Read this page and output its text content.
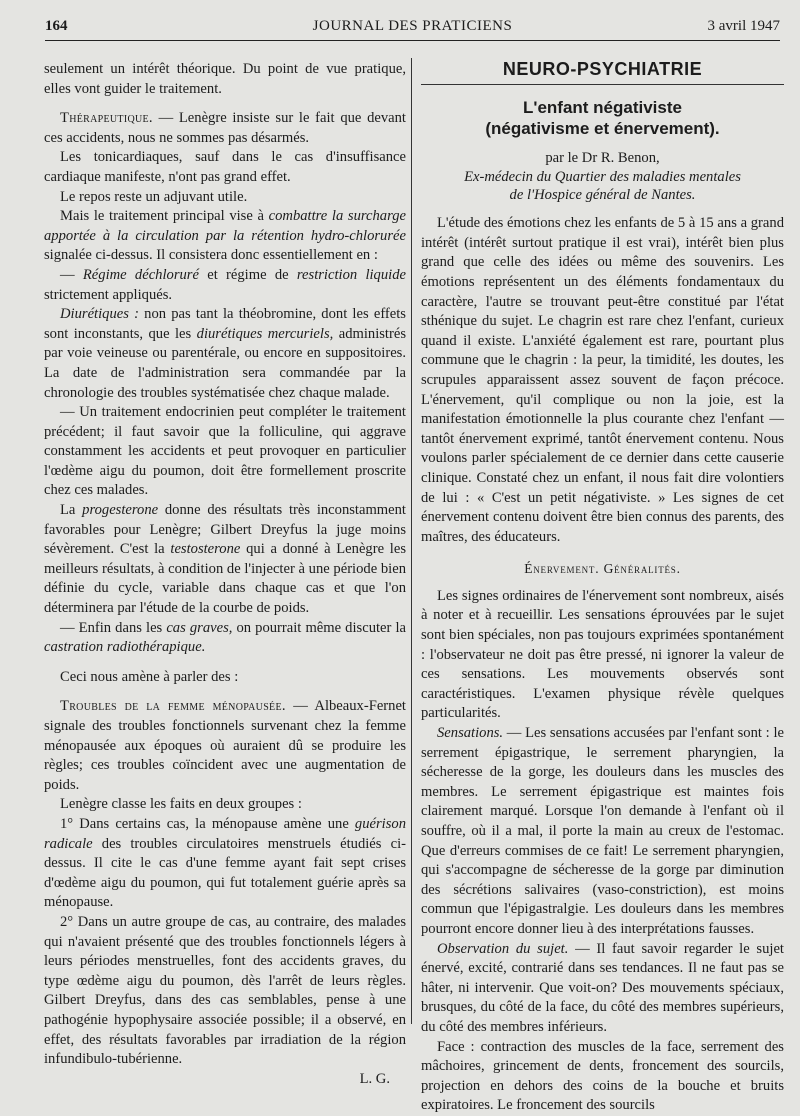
164	JOURNAL DES PRATICIENS	3 avril 1947

seulement un intérêt théorique. Du point de vue pratique, elles vont guider le traitement.

Thérapeutique. — Lenègre insiste sur le fait que devant ces accidents, nous ne sommes pas désarmés.

Les tonicardiaques, sauf dans le cas d'insuffisance cardiaque manifeste, n'ont pas grand effet.

Le repos reste un adjuvant utile.

Mais le traitement principal vise à combattre la surcharge apportée à la circulation par la rétention hydro-chlorurée signalée ci-dessus. Il consistera donc essentiellement en :

— Régime déchloruré et régime de restriction liquide strictement appliqués.

Diurétiques : non pas tant la théobromine, dont les effets sont inconstants, que les diurétiques mercuriels, administrés par voie veineuse ou parentérale, ou encore en suppositoires. La date de l'administration sera commandée par la chronologie des troubles systématisée chez chaque malade.

— Un traitement endocrinien peut compléter le traitement précédent; il faut savoir que la folliculine, qui aggrave constamment les accidents et peut provoquer en particulier l'œdème aigu du poumon, doit être formellement proscrite chez ces malades.

La progesterone donne des résultats très inconstamment favorables pour Lenègre; Gilbert Dreyfus la juge moins sévèrement. C'est la testosterone qui a donné à Lenègre les meilleurs résultats, à condition de l'injecter à une période bien définie du cycle, variable dans chaque cas et que l'on déterminera par l'étude de la courbe de poids.

— Enfin dans les cas graves, on pourrait même discuter la castration radiothérapique.

Ceci nous amène à parler des :

Troubles de la femme ménopausée. — Albeaux-Fernet signale des troubles fonctionnels survenant chez la femme ménopausée aux époques où auraient dû se produire les règles; ces troubles coïncident avec une augmentation de poids.

Lenègre classe les faits en deux groupes :

1° Dans certains cas, la ménopause amène une guérison radicale des troubles circulatoires menstruels étudiés ci-dessus. Il cite le cas d'une femme ayant fait sept crises d'œdème aigu du poumon, qui fut totalement guérie après sa ménopause.

2° Dans un autre groupe de cas, au contraire, des malades qui n'avaient présenté que des troubles fonctionnels légers à leurs périodes menstruelles, font des accidents graves, du type œdème aigu du poumon, dès l'arrêt de leurs règles. Gilbert Dreyfus, dans des cas semblables, pense à une pathogénie hypophysaire associée possible; il a observé, en effet, des résultats favorables par irradiation de la région infundibulo-tubérienne.

L. G.

NEURO-PSYCHIATRIE
L'enfant négativiste
(négativisme et énervement).

par le Dr R. Benon,

Ex-médecin du Quartier des maladies mentales
de l'Hospice général de Nantes.

L'étude des émotions chez les enfants de 5 à 15 ans a grand intérêt (intérêt surtout pratique il est vrai), intérêt bien plus grand que celle des idées ou même des souvenirs. Les émotions représentent un des éléments fondamentaux du caractère, l'autre se trouvant peut-être constitué par l'état sthénique du sujet. Le chagrin est rare chez l'enfant, curieux quand il existe. L'anxiété également est rare, pourtant plus commune que le chagrin : la peur, la timidité, les doutes, les scrupules apparaissent assez souvent de façon précoce. L'énervement, qu'il complique ou non la joie, est la manifestation émotionnelle la plus courante chez l'enfant — tantôt énervement exprimé, tantôt énervement contenu. Nous voulons parler spécialement de ce dernier dans cette causerie clinique. Constaté chez un enfant, il nous fait dire volontiers de lui : « C'est un petit négativiste. » Les signes de cet énervement contenu doivent être bien connus des parents, des maîtres, des éducateurs.

Énervement. Généralités.

Les signes ordinaires de l'énervement sont nombreux, aisés à noter et à recueillir. Les sensations éprouvées par le sujet sont bien spéciales, non pas toujours exprimées spontanément : l'observateur ne doit pas être pressé, ni ignorer la valeur de ces sensations. Les mouvements observés sont caractéristiques. L'examen physique révèle quelques particularités.

Sensations. — Les sensations accusées par l'enfant sont : le serrement épigastrique, le serrement pharyngien, la sécheresse de la gorge, les douleurs dans les muscles des membres. Le serrement épigastrique est maintes fois clairement marqué. Lorsque l'on demande à l'enfant où il souffre, où il a mal, il porte la main au creux de l'estomac. Que d'erreurs commises de ce fait! Le serrement pharyngien, qui s'accompagne de sécheresse de la gorge par diminution des sécrétions salivaires (vaso-constriction), est moins commun que l'épigastralgie. Les douleurs dans les membres pourront encore donner lieu à des interprétations fausses.

Observation du sujet. — Il faut savoir regarder le sujet énervé, excité, contrarié dans ses tendances. Il ne faut pas se hâter, ni intervenir. Que voit-on? Des mouvements spéciaux, brusques, du côté de la face, du côté des membres supérieurs, du côté des membres inférieurs.

Face : contraction des muscles de la face, serrement des mâchoires, grincement de dents, froncement des sourcils, projection en dehors des coins de la bouche et bruits expiratoires. Le froncement des sourcils
